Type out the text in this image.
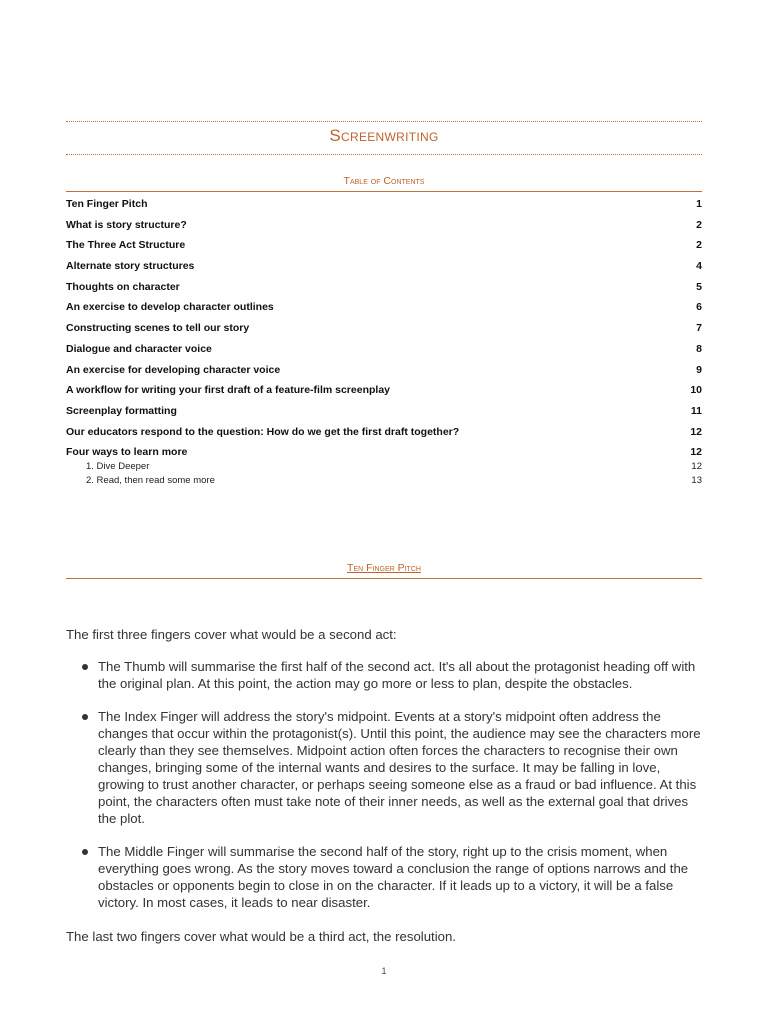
Screenwriting
Table of Contents
Ten Finger Pitch	1
What is story structure?	2
The Three Act Structure	2
Alternate story structures	4
Thoughts on character	5
An exercise to develop character outlines	6
Constructing scenes to tell our story	7
Dialogue and character voice	8
An exercise for developing character voice	9
A workflow for writing your first draft of a feature-film screenplay	10
Screenplay formatting	11
Our educators respond to the question: How do we get the first draft together?	12
Four ways to learn more	12
1. Dive Deeper	12
2. Read, then read some more	13
Ten Finger Pitch

The first three fingers cover what would be a second act:

The Thumb will summarise the first half of the second act. It's all about the protagonist heading off with the original plan. At this point, the action may go more or less to plan, despite the obstacles.
The Index Finger will address the story's midpoint. Events at a story's midpoint often address the changes that occur within the protagonist(s). Until this point, the audience may see the characters more clearly than they see themselves. Midpoint action often forces the characters to recognise their own changes, bringing some of the internal wants and desires to the surface. It may be falling in love, growing to trust another character, or perhaps seeing someone else as a fraud or bad influence. At this point, the characters often must take note of their inner needs, as well as the external goal that drives the plot.
The Middle Finger will summarise the second half of the story, right up to the crisis moment, when everything goes wrong. As the story moves toward a conclusion the range of options narrows and the obstacles or opponents begin to close in on the character. If it leads up to a victory, it will be a false victory. In most cases, it leads to near disaster.

The last two fingers cover what would be a third act, the resolution.

1
